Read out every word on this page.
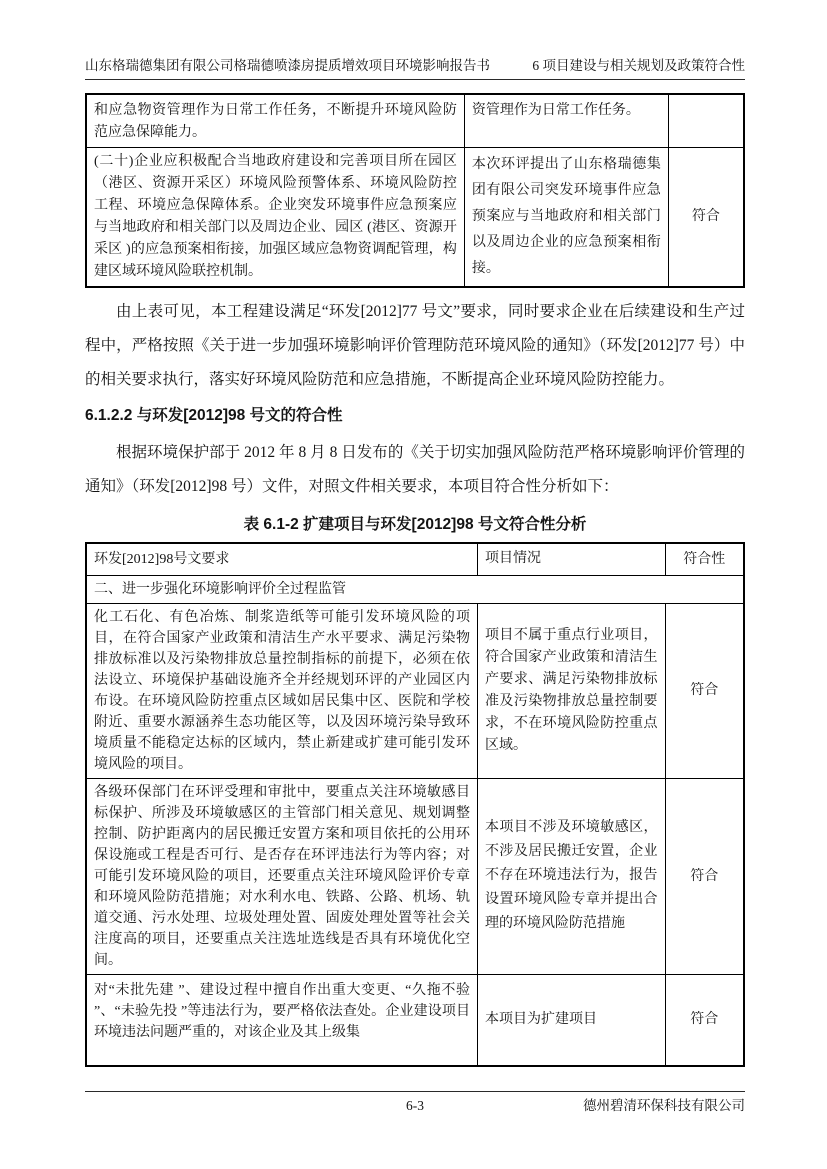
山东格瑞德集团有限公司格瑞德喷漆房提质增效项目环境影响报告书	6 项目建设与相关规划及政策符合性
和应急物资管理作为日常工作任务，不断提升环境风险防范应急保障能力。	资管理作为日常工作任务。	
(二十)企业应积极配合当地政府建设和完善项目所在园区（港区、资源开采区）环境风险预警体系、环境风险防控工程、环境应急保障体系。企业突发环境事件应急预案应与当地政府和相关部门以及周边企业、园区 (港区、资源开采区 )的应急预案相衔接，加强区域应急物资调配管理，构建区域环境风险联控机制。	本次环评提出了山东格瑞德集团有限公司突发环境事件应急预案应与当地政府和相关部门以及周边企业的应急预案相衔接。	符合

由上表可见，本工程建设满足“环发[2012]77 号文”要求，同时要求企业在后续建设和生产过程中，严格按照《关于进一步加强环境影响评价管理防范环境风险的通知》（环发[2012]77 号）中的相关要求执行，落实好环境风险防范和应急措施，不断提高企业环境风险防控能力。

6.1.2.2 与环发[2012]98 号文的符合性

根据环境保护部于 2012 年 8 月 8 日发布的《关于切实加强风险防范严格环境影响评价管理的通知》（环发[2012]98 号）文件，对照文件相关要求，本项目符合性分析如下：

表 6.1-2 扩建项目与环发[2012]98 号文符合性分析
环发[2012]98号文要求	项目情况	符合性
二、进一步强化环境影响评价全过程监管		
化工石化、有色冶炼、制浆造纸等可能引发环境风险的项目，在符合国家产业政策和清洁生产水平要求、满足污染物排放标准以及污染物排放总量控制指标的前提下，必须在依法设立、环境保护基础设施齐全并经规划环评的产业园区内布设。在环境风险防控重点区域如居民集中区、医院和学校附近、重要水源涵养生态功能区等，以及因环境污染导致环境质量不能稳定达标的区域内，禁止新建或扩建可能引发环境风险的项目。	项目不属于重点行业项目，符合国家产业政策和清洁生产要求、满足污染物排放标准及污染物排放总量控制要求，不在环境风险防控重点区域。	符合
各级环保部门在环评受理和审批中，要重点关注环境敏感目标保护、所涉及环境敏感区的主管部门相关意见、规划调整控制、防护距离内的居民搬迁安置方案和项目依托的公用环保设施或工程是否可行、是否存在环评违法行为等内容；对可能引发环境风险的项目，还要重点关注环境风险评价专章和环境风险防范措施；对水利水电、铁路、公路、机场、轨道交通、污水处理、垃圾处理处置、固废处理处置等社会关注度高的项目，还要重点关注选址选线是否具有环境优化空间。	本项目不涉及环境敏感区，不涉及居民搬迁安置，企业不存在环境违法行为，报告设置环境风险专章并提出合理的环境风险防范措施	符合
对“未批先建 ”、建设过程中擅自作出重大变更、“久拖不验 ”、“未验先投 ”等违法行为，要严格依法查处。企业建设项目环境违法问题严重的，对该企业及其上级集	本项目为扩建项目	符合
6-3	德州碧清环保科技有限公司
